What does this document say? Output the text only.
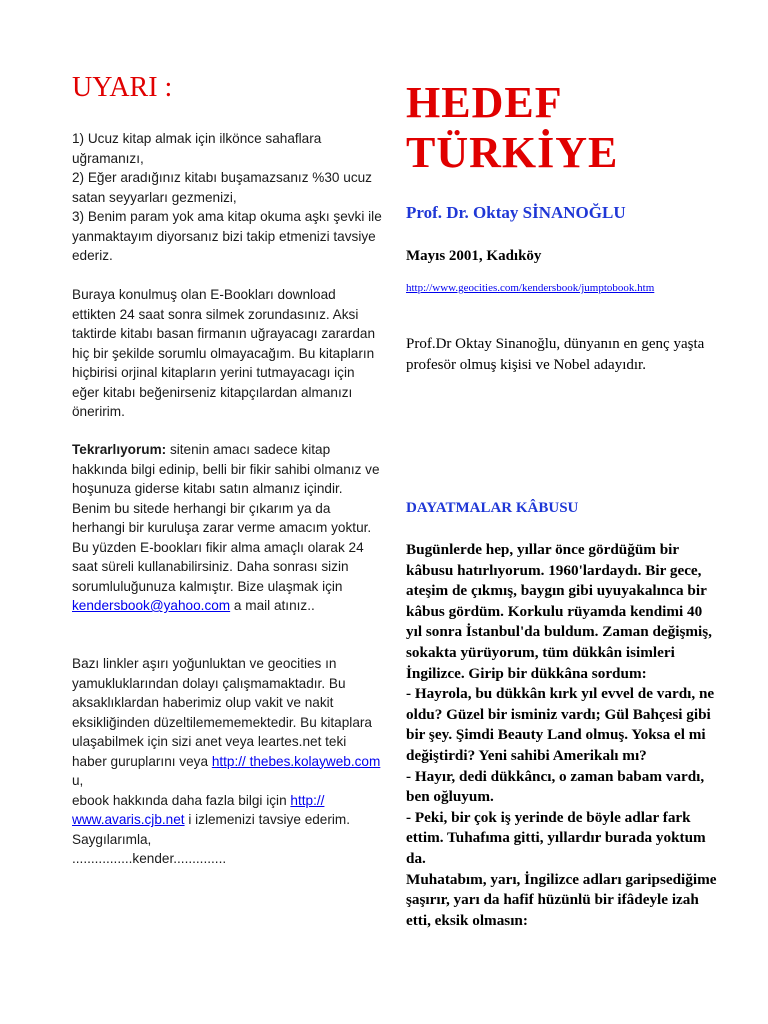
UYARI :
1) Ucuz kitap almak için ilkönce sahaflara uğramanızı,
2) Eğer aradığınız kitabı buşamazsanız %30 ucuz satan seyyarları gezmenizi,
3) Benim param yok ama kitap okuma aşkı şevki ile yanmaktayım diyorsanız bizi takip etmenizi tavsiye ederiz.

Buraya konulmuş olan E-Bookları download ettikten 24 saat sonra silmek zorundasınız. Aksi taktirde kitabı basan firmanın uğrayacagı zarardan hiç bir şekilde sorumlu olmayacağım. Bu kitapların hiçbirisi orjinal kitapların yerini tutmayacagı için eğer kitabı beğenirseniz kitapçılardan almanızı öneririm.

Tekrarlıyorum: sitenin amacı sadece kitap hakkında bilgi edinip, belli bir fikir sahibi olmanız ve hoşunuza giderse kitabı satın almanız içindir. Benim bu sitede herhangi bir çıkarım ya da herhangi bir kuruluşa zarar verme amacım yoktur. Bu yüzden E-bookları fikir alma amaçlı olarak 24 saat süreli kullanabilirsiniz. Daha sonrası sizin sorumluluğunuza kalmıştır. Bize ulaşmak için kendersbook@yahoo.com a mail atınız..

Bazı linkler aşırı yoğunluktan ve geocities ın yamukluklarından dolayı çalışmamaktadır. Bu aksaklıklardan haberimiz olup vakit ve nakit eksikliğinden düzeltilemememektedir. Bu kitaplara ulaşabilmek için sizi anet veya leartes.net teki haber guruplarını veya http:// thebes.kolayweb.com u,
ebook hakkında daha fazla bilgi için http:// www.avaris.cjb.net i izlemenizi tavsiye ederim. Saygılarımla,
................kender..............

HEDEF
TÜRKİYE
Prof. Dr. Oktay SİNANOĞLU
Mayıs 2001, Kadıköy
http://www.geocities.com/kendersbook/jumptobook.htm

Prof.Dr Oktay Sinanoğlu, dünyanın en genç yaşta profesör olmuş kişisi ve Nobel adayıdır.

DAYATMALAR KÂBUSU

Bugünlerde hep, yıllar önce gördüğüm bir kâbusu hatırlıyorum. 1960'lardaydı. Bir gece, ateşim de çıkmış, baygın gibi uyuyakalınca bir kâbus gördüm. Korkulu rüyamda kendimi 40 yıl sonra İstanbul'da buldum. Zaman değişmiş, sokakta yürüyorum, tüm dükkân isimleri İngilizce. Girip bir dükkâna sordum:

- Hayrola, bu dükkân kırk yıl evvel de vardı, ne oldu? Güzel bir isminiz vardı; Gül Bahçesi gibi bir şey. Şimdi Beauty Land olmuş. Yoksa el mi değiştirdi? Yeni sahibi Amerikalı mı?

- Hayır, dedi dükkâncı, o zaman babam vardı, ben oğluyum.

- Peki, bir çok iş yerinde de böyle adlar fark ettim. Tuhafıma gitti, yıllardır burada yoktum da.

Muhatabım, yarı, İngilizce adları garipsediğime şaşırır, yarı da hafif hüzünlü bir ifâdeyle izah etti, eksik olmasın:
